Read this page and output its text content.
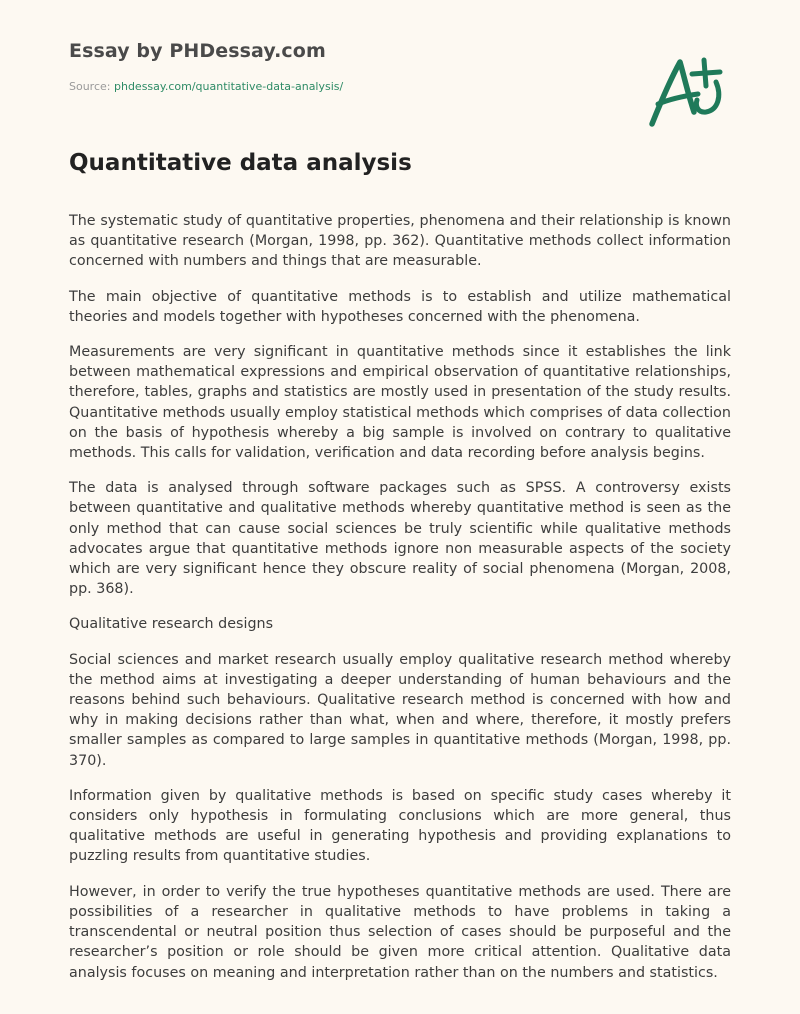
Essay by PHDessay.com
Source: phdessay.com/quantitative-data-analysis/
Quantitative data analysis

The systematic study of quantitative properties, phenomena and their relationship is known as quantitative research (Morgan, 1998, pp. 362). Quantitative methods collect information concerned with numbers and things that are measurable.

The main objective of quantitative methods is to establish and utilize mathematical theories and models together with hypotheses concerned with the phenomena.

Measurements are very significant in quantitative methods since it establishes the link between mathematical expressions and empirical observation of quantitative relationships, therefore, tables, graphs and statistics are mostly used in presentation of the study results. Quantitative methods usually employ statistical methods which comprises of data collection on the basis of hypothesis whereby a big sample is involved on contrary to qualitative methods. This calls for validation, verification and data recording before analysis begins.

The data is analysed through software packages such as SPSS. A controversy exists between quantitative and qualitative methods whereby quantitative method is seen as the only method that can cause social sciences be truly scientific while qualitative methods advocates argue that quantitative methods ignore non measurable aspects of the society which are very significant hence they obscure reality of social phenomena (Morgan, 2008, pp. 368).

Qualitative research designs

Social sciences and market research usually employ qualitative research method whereby the method aims at investigating a deeper understanding of human behaviours and the reasons behind such behaviours. Qualitative research method is concerned with how and why in making decisions rather than what, when and where, therefore, it mostly prefers smaller samples as compared to large samples in quantitative methods (Morgan, 1998, pp. 370).

Information given by qualitative methods is based on specific study cases whereby it considers only hypothesis in formulating conclusions which are more general, thus qualitative methods are useful in generating hypothesis and providing explanations to puzzling results from quantitative studies.

However, in order to verify the true hypotheses quantitative methods are used. There are possibilities of a researcher in qualitative methods to have problems in taking a transcendental or neutral position thus selection of cases should be purposeful and the researcher’s position or role should be given more critical attention. Qualitative data analysis focuses on meaning and interpretation rather than on the numbers and statistics.
